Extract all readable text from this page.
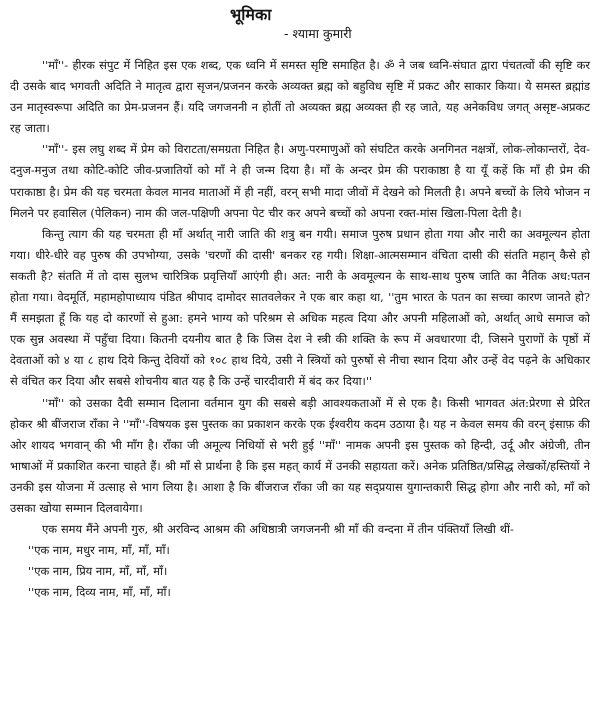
भूमिका
- श्यामा कुमारी

''माँ''- हीरक संपुट में निहित इस एक शब्द, एक ध्वनि में समस्त सृष्टि समाहित है। ॐ ने जब ध्वनि-संघात द्वारा पंचतत्वों की सृष्टि कर दी उसके बाद भगवती अदिति ने मातृत्व द्वारा सृजन/प्रजनन करके अव्यक्त ब्रह्म को बहुविध सृष्टि में प्रकट और साकार किया। ये समस्त ब्रह्मांड उन मातृस्वरूपा अदिति का प्रेम-प्रजनन हैं। यदि जगजननी न होतीं तो अव्यक्त ब्रह्म अव्यक्त ही रह जाते, यह अनेकविध जगत् असृष्ट-अप्रकट रह जाता।

''माँ''- इस लघु शब्द में प्रेम को विराटता/समग्रता निहित है। अणु-परमाणुओं को संघटित करके अनगिनत नक्षत्रों, लोक-लोकान्तरों, देव-दनुज-मनुज तथा कोटि-कोटि जीव-प्रजातियों को माँ ने ही जन्म दिया है। माँ के अन्दर प्रेम की पराकाष्ठा है या यूँ कहें कि माँ ही प्रेम की पराकाष्ठा है। प्रेम की यह चरमता केवल मानव माताओं में ही नहीं, वरन् सभी मादा जीवों में देखने को मिलती है। अपने बच्चों के लिये भोजन न मिलने पर हवासिल (पेलिकन) नाम की जल-पक्षिणी अपना पेट चीर कर अपने बच्चों को अपना रक्त-मांस खिला-पिला देती है।

किन्तु त्याग की यह चरमता ही माँ अर्थात् नारी जाति की शत्रु बन गयी। समाज पुरुष प्रधान होता गया और नारी का अवमूल्यन होता गया। धीरे-धीरे वह पुरुष की उपभोग्या, उसके 'चरणों की दासी' बनकर रह गयी। शिक्षा-आत्मसम्मान वंचिता दासी की संतति महान् कैसे हो सकती है? संतति में तो दास सुलभ चारित्रिक प्रवृत्तियाँ आएंगी ही। अत: नारी के अवमूल्यन के साथ-साथ पुरुष जाति का नैतिक अध:पतन होता गया। वेदमूर्ति, महामहोपाध्याय पंडित श्रीपाद दामोदर सातवलेकर ने एक बार कहा था, ''तुम भारत के पतन का सच्चा कारण जानते हो? मैं समझता हूँ कि यह दो कारणों से हुआ: हमने भाग्य को परिश्रम से अधिक महत्व दिया और अपनी महिलाओं को, अर्थात् आधे समाज को एक सुन्न अवस्था में पहुँचा दिया। कितनी दयनीय बात है कि जिस देश ने स्त्री की शक्ति के रूप में अवधारणा दी, जिसने पुराणों के पृष्ठों में देवताओं को ४ या ८ हाथ दिये किन्तु देवियों को १०८ हाथ दिये, उसी ने स्त्रियों को पुरुषों से नीचा स्थान दिया और उन्हें वेद पढ़ने के अधिकार से वंचित कर दिया और सबसे शोचनीय बात यह है कि उन्हें चारदीवारी में बंद कर दिया।''

''माँ'' को उसका दैवी सम्मान दिलाना वर्तमान युग की सबसे बड़ी आवश्यकताओं में से एक है। किसी भागवत अंत:प्रेरणा से प्रेरित होकर श्री बींजराज राँका ने ''माँ''-विषयक इस पुस्तक का प्रकाशन करके एक ईश्वरीय कदम उठाया है। यह न केवल समय की वरन् इंसाफ़ की ओर शायद भगवान् की भी माँग है। राँका जी अमूल्य निधियों से भरी हुई ''माँ'' नामक अपनी इस पुस्तक को हिन्दी, उर्दू और अंग्रेजी, तीन भाषाओं में प्रकाशित करना चाहते हैं। श्री माँ से प्रार्थना है कि इस महत् कार्य में उनकी सहायता करें। अनेक प्रतिष्ठित/प्रसिद्ध लेखकों/हस्तियों ने उनकी इस योजना में उत्साह से भाग लिया है। आशा है कि बींजराज राँका जी का यह सद्प्रयास युगान्तकारी सिद्ध होगा और नारी को, माँ को उसका खोया सम्मान दिलवायेगा।

एक समय मैंने अपनी गुरु, श्री अरविन्द आश्रम की अधिष्ठात्री जगजननी श्री माँ की वन्दना में तीन पंक्तियाँ लिखी थीं-

''एक नाम, मधुर नाम, माँ, माँ, माँ।
''एक नाम, प्रिय नाम, माँ, माँ, माँ।
''एक नाम, दिव्य नाम, माँ, माँ, माँ।
